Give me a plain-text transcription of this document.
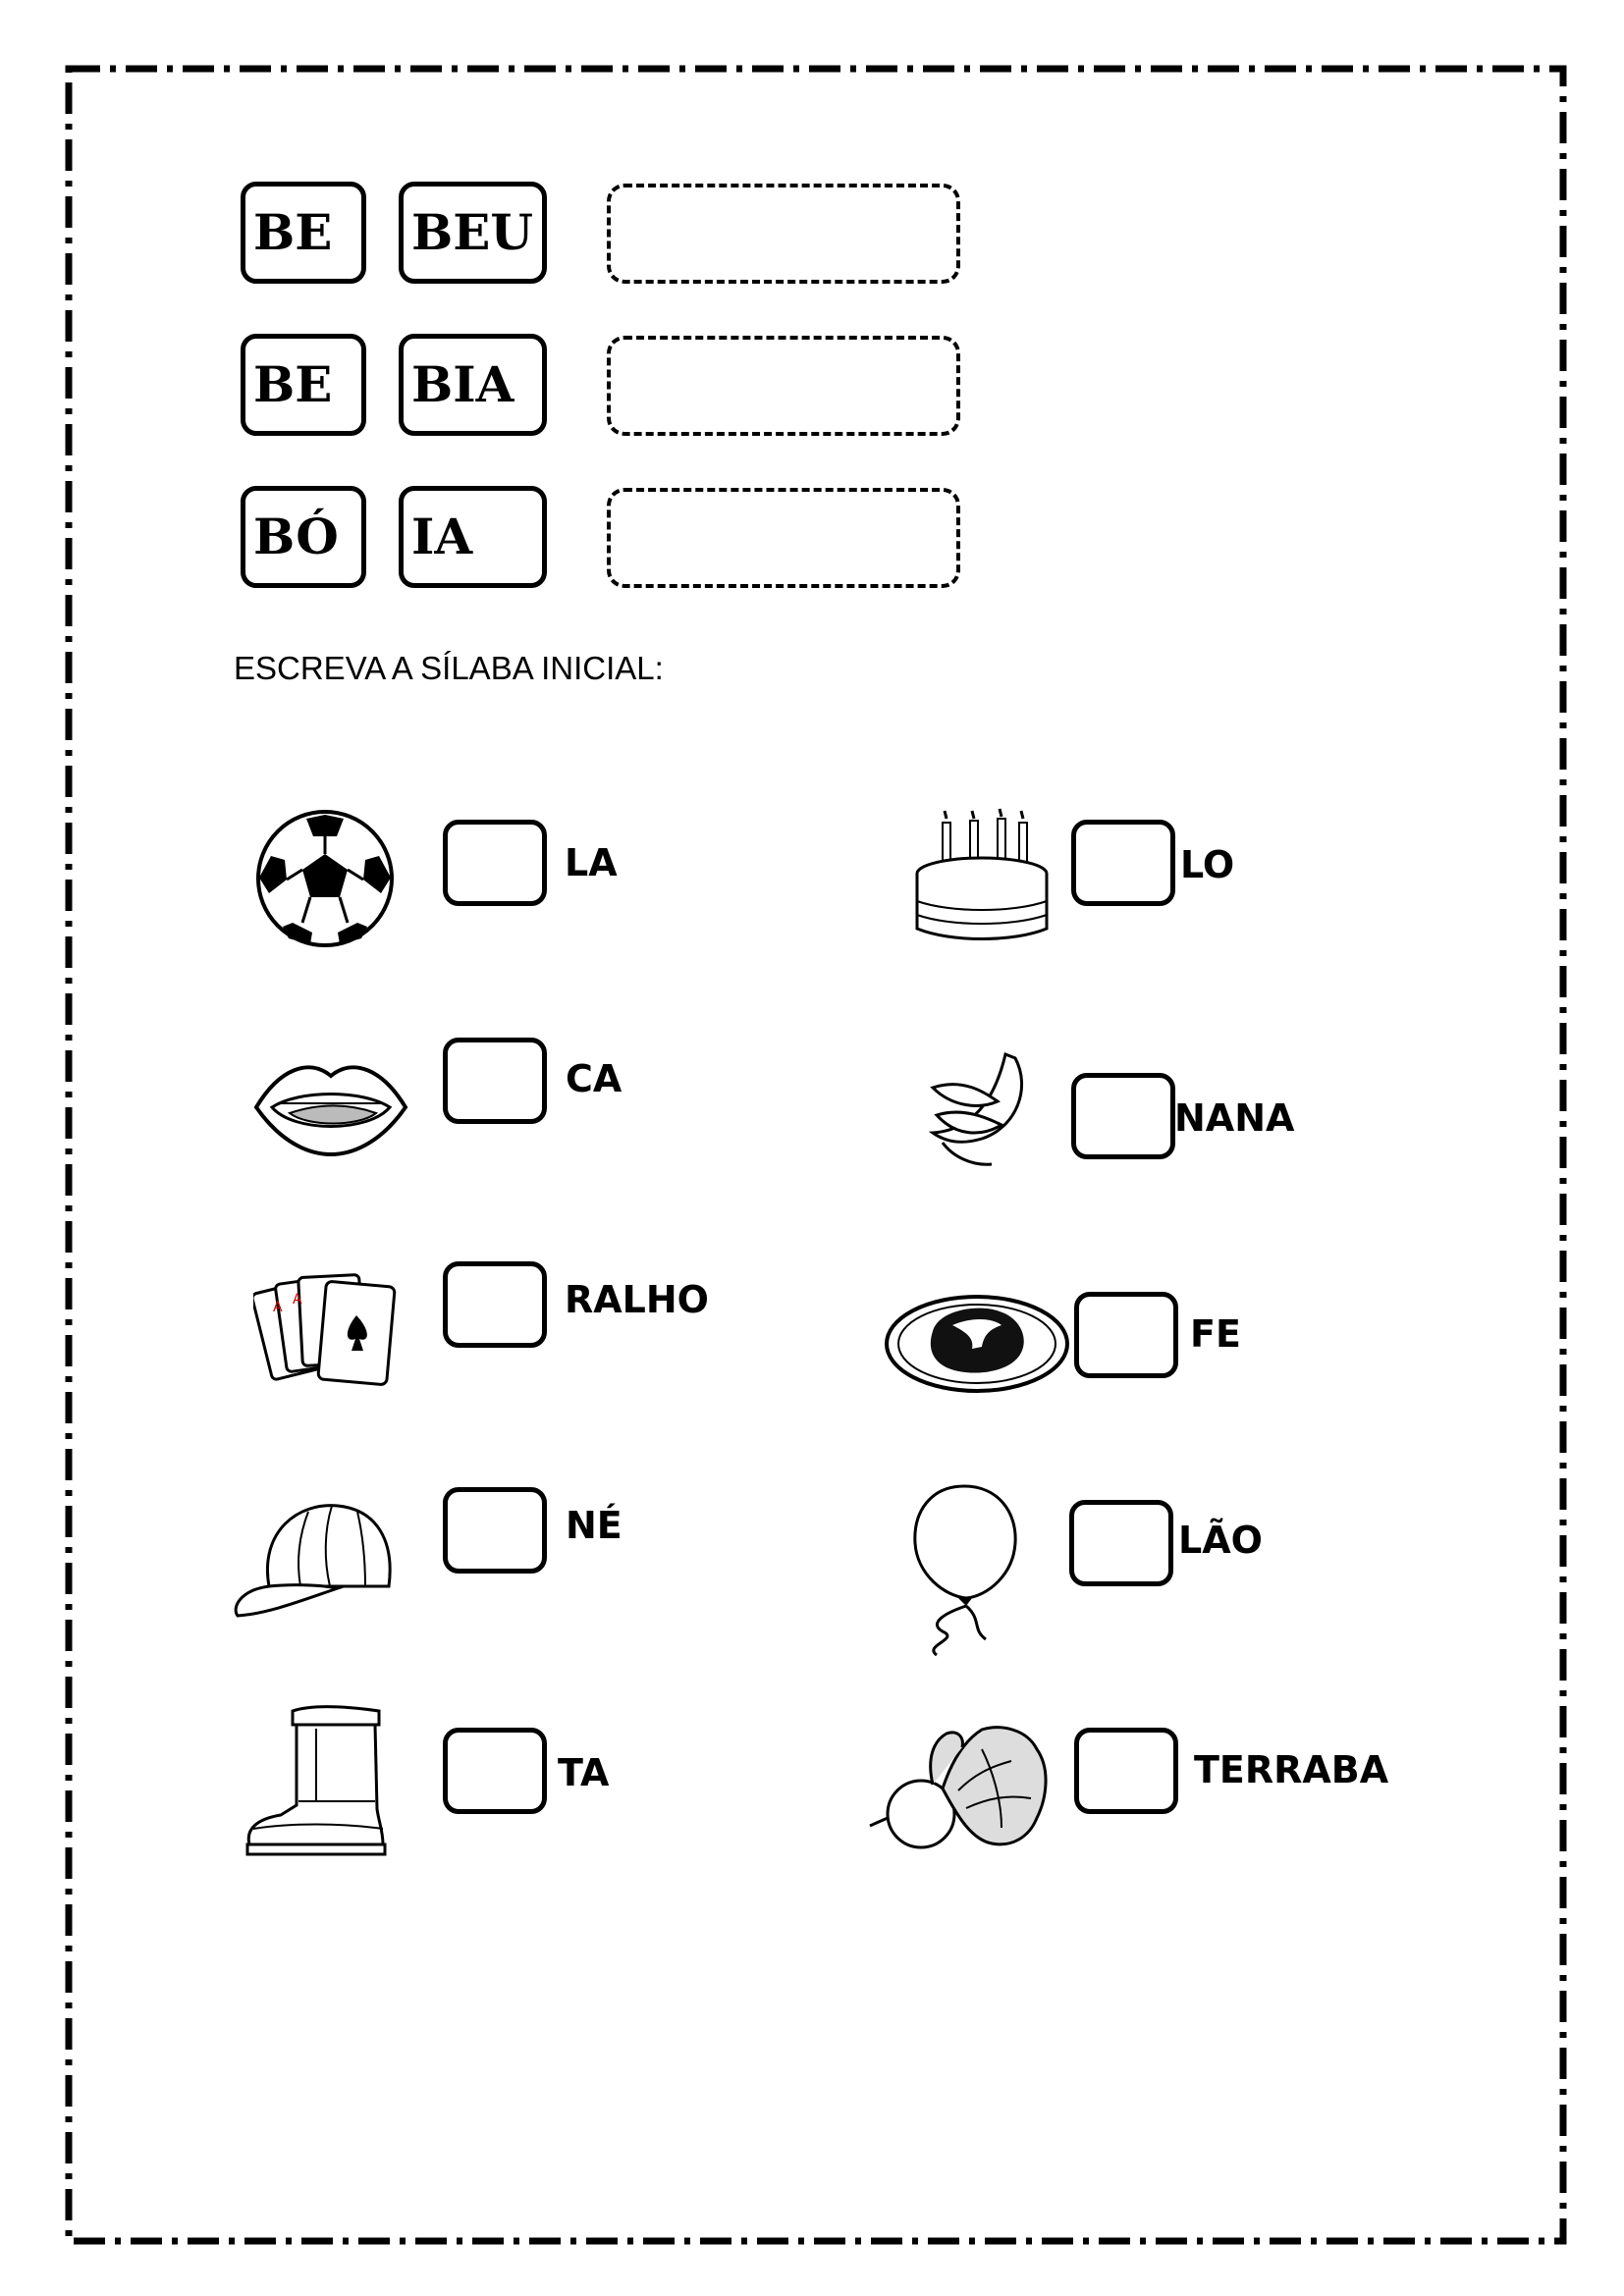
BE	BEU
BE	BIA
BÓ	IA
ESCREVA A SÍLABA INICIAL:
LA
CA
A A	RALHO
NÉ
TA
LO
NANA
FE
LÃO
TERRABA
